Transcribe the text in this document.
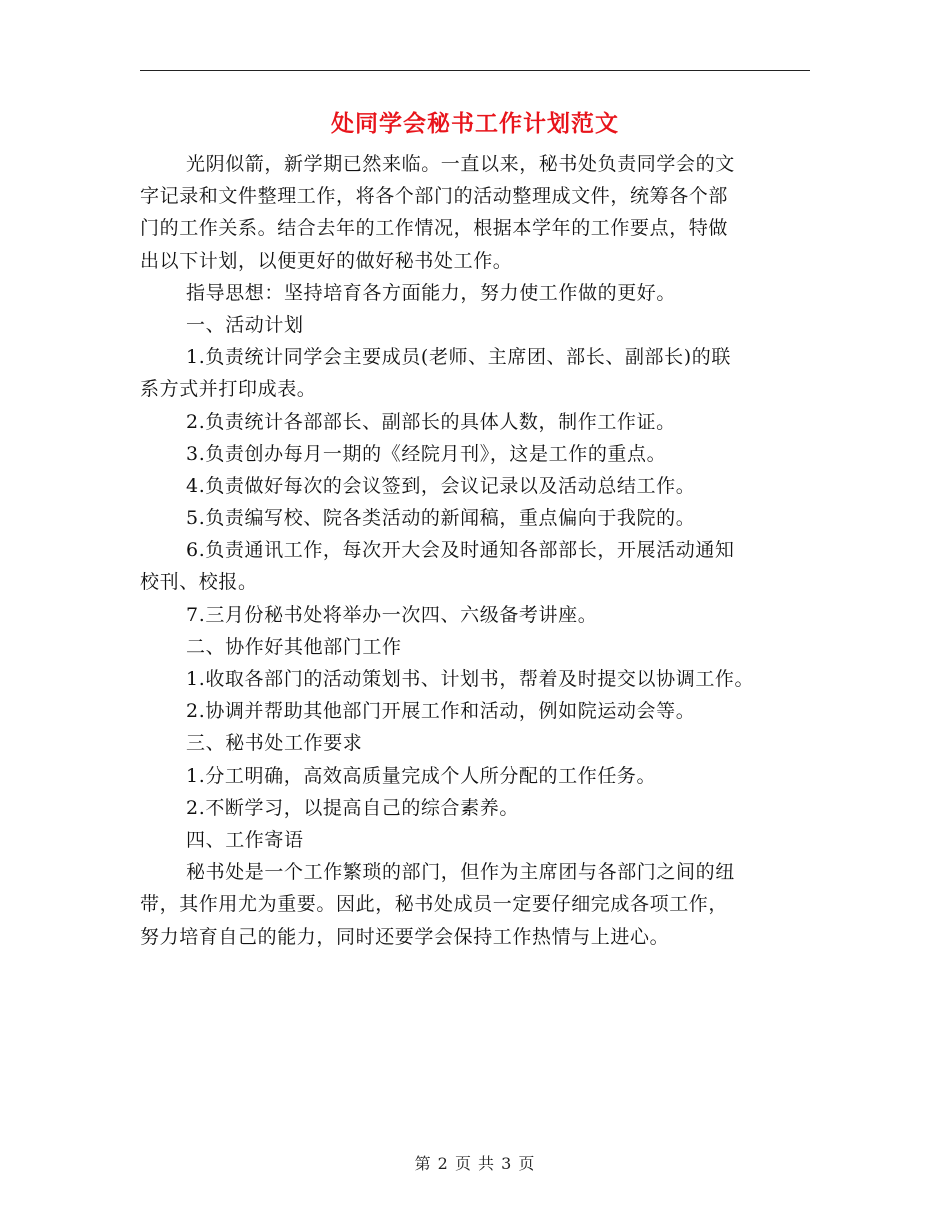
处同学会秘书工作计划范文
光阴似箭，新学期已然来临。一直以来，秘书处负责同学会的文
字记录和文件整理工作，将各个部门的活动整理成文件，统筹各个部
门的工作关系。结合去年的工作情况，根据本学年的工作要点，特做
出以下计划，以便更好的做好秘书处工作。
指导思想：坚持培育各方面能力，努力使工作做的更好。
一、活动计划
1.负责统计同学会主要成员(老师、主席团、部长、副部长)的联
系方式并打印成表。
2.负责统计各部部长、副部长的具体人数，制作工作证。
3.负责创办每月一期的《经院月刊》，这是工作的重点。
4.负责做好每次的会议签到，会议记录以及活动总结工作。
5.负责编写校、院各类活动的新闻稿，重点偏向于我院的。
6.负责通讯工作，每次开大会及时通知各部部长，开展活动通知
校刊、校报。
7.三月份秘书处将举办一次四、六级备考讲座。
二、协作好其他部门工作
1.收取各部门的活动策划书、计划书，帮着及时提交以协调工作。
2.协调并帮助其他部门开展工作和活动，例如院运动会等。
三、秘书处工作要求
1.分工明确，高效高质量完成个人所分配的工作任务。
2.不断学习，以提高自己的综合素养。
四、工作寄语
秘书处是一个工作繁琐的部门，但作为主席团与各部门之间的纽
带，其作用尤为重要。因此，秘书处成员一定要仔细完成各项工作，
努力培育自己的能力，同时还要学会保持工作热情与上进心。
第 2 页 共 3 页
